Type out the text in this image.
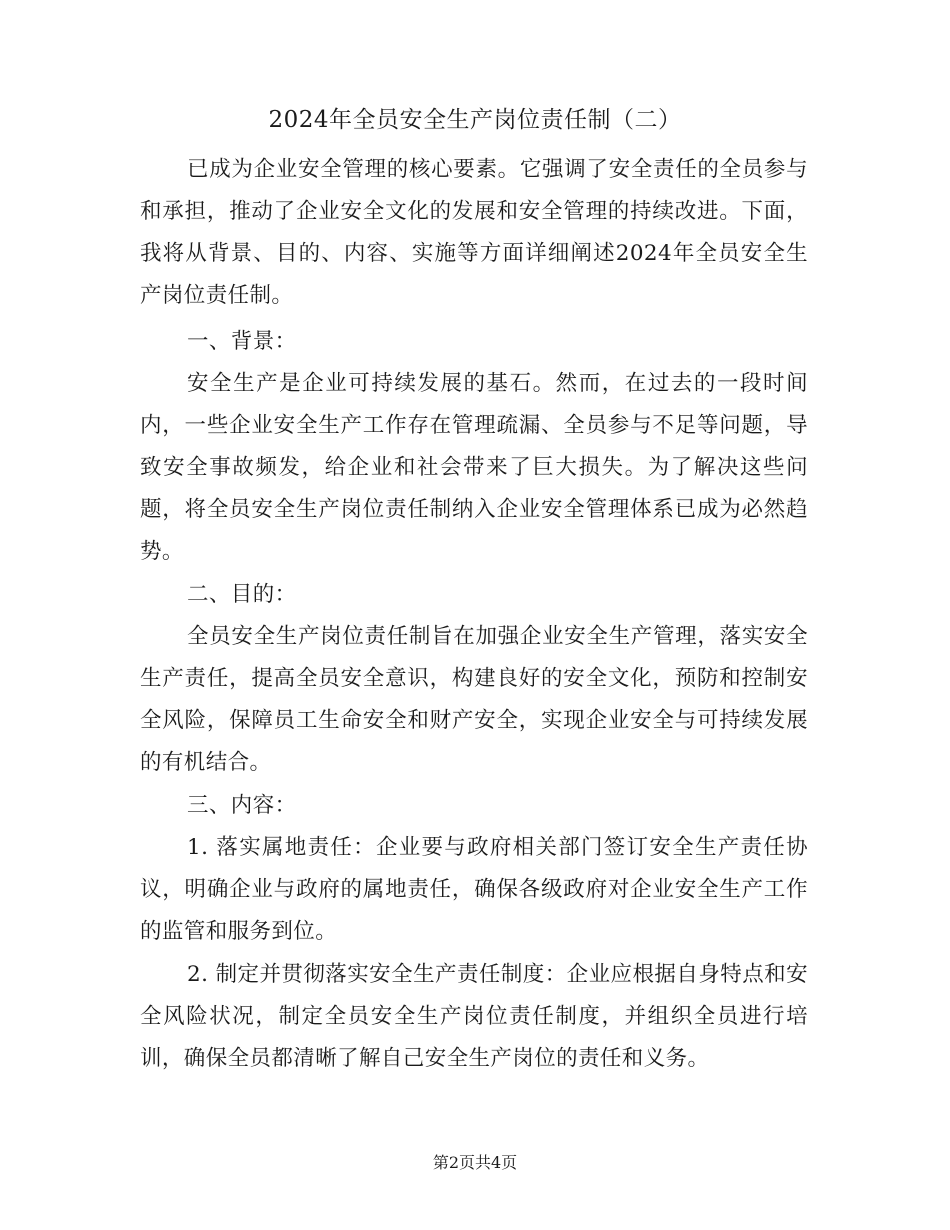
2024年全员安全生产岗位责任制（二）

已成为企业安全管理的核心要素。它强调了安全责任的全员参与和承担，推动了企业安全文化的发展和安全管理的持续改进。下面，我将从背景、目的、内容、实施等方面详细阐述2024年全员安全生产岗位责任制。

一、背景：

安全生产是企业可持续发展的基石。然而，在过去的一段时间内，一些企业安全生产工作存在管理疏漏、全员参与不足等问题，导致安全事故频发，给企业和社会带来了巨大损失。为了解决这些问题，将全员安全生产岗位责任制纳入企业安全管理体系已成为必然趋势。

二、目的：

全员安全生产岗位责任制旨在加强企业安全生产管理，落实安全生产责任，提高全员安全意识，构建良好的安全文化，预防和控制安全风险，保障员工生命安全和财产安全，实现企业安全与可持续发展的有机结合。

三、内容：

1. 落实属地责任：企业要与政府相关部门签订安全生产责任协议，明确企业与政府的属地责任，确保各级政府对企业安全生产工作的监管和服务到位。

2. 制定并贯彻落实安全生产责任制度：企业应根据自身特点和安全风险状况，制定全员安全生产岗位责任制度，并组织全员进行培训，确保全员都清晰了解自己安全生产岗位的责任和义务。

第2页共4页
